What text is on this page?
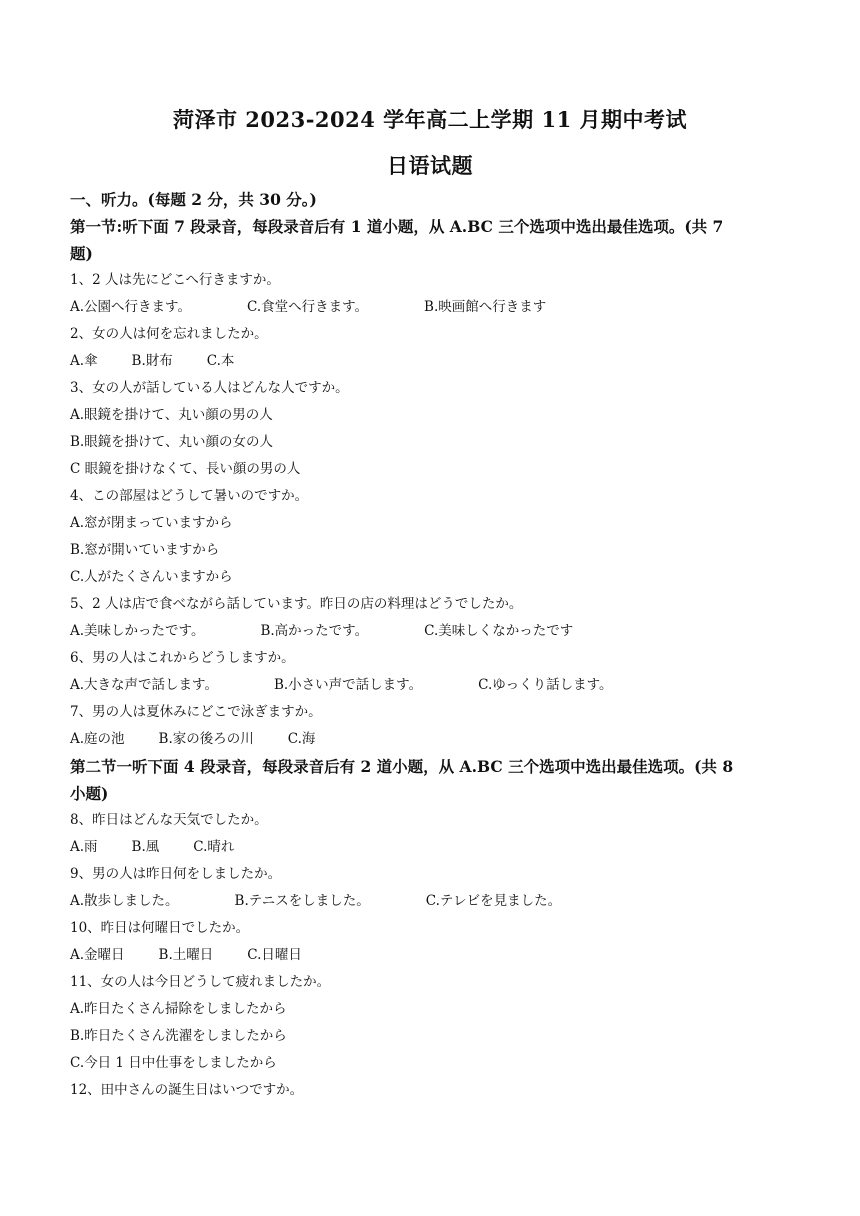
菏泽市 2023-2024 学年高二上学期 11 月期中考试
日语试题
一、听力。(每题 2 分，共 30 分。)
第一节:听下面 7 段录音，每段录音后有 1 道小题，从 A.BC 三个选项中选出最佳选项。(共 7
题)
1、2 人は先にどこへ行きますか。
A.公園へ行きます。	C.食堂へ行きます。	B.映画館へ行きます
2、女の人は何を忘れましたか。
A.傘	B.財布	C.本
3、女の人が話している人はどんな人ですか。
A.眼鏡を掛けて、丸い顔の男の人
B.眼鏡を掛けて、丸い顔の女の人
C 眼鏡を掛けなくて、長い顔の男の人
4、この部屋はどうして暑いのですか。
A.窓が閉まっていますから
B.窓が開いていますから
C.人がたくさんいますから
5、2 人は店で食べながら話しています。昨日の店の料理はどうでしたか。
A.美味しかったです。	B.高かったです。	C.美味しくなかったです
6、男の人はこれからどうしますか。
A.大きな声で話します。	B.小さい声で話します。	C.ゆっくり話します。
7、男の人は夏休みにどこで泳ぎますか。
A.庭の池	B.家の後ろの川	C.海
第二节一听下面 4 段录音，每段录音后有 2 道小题，从 A.BC 三个选项中选出最佳选项。(共 8
小题)
8、昨日はどんな天気でしたか。
A.雨	B.風	C.晴れ
9、男の人は昨日何をしましたか。
A.散歩しました。	B.テニスをしました。	C.テレビを見ました。
10、昨日は何曜日でしたか。
A.金曜日	B.土曜日	C.日曜日
11、女の人は今日どうして疲れましたか。
A.昨日たくさん掃除をしましたから
B.昨日たくさん洗濯をしましたから
C.今日 1 日中仕事をしましたから
12、田中さんの誕生日はいつですか。
